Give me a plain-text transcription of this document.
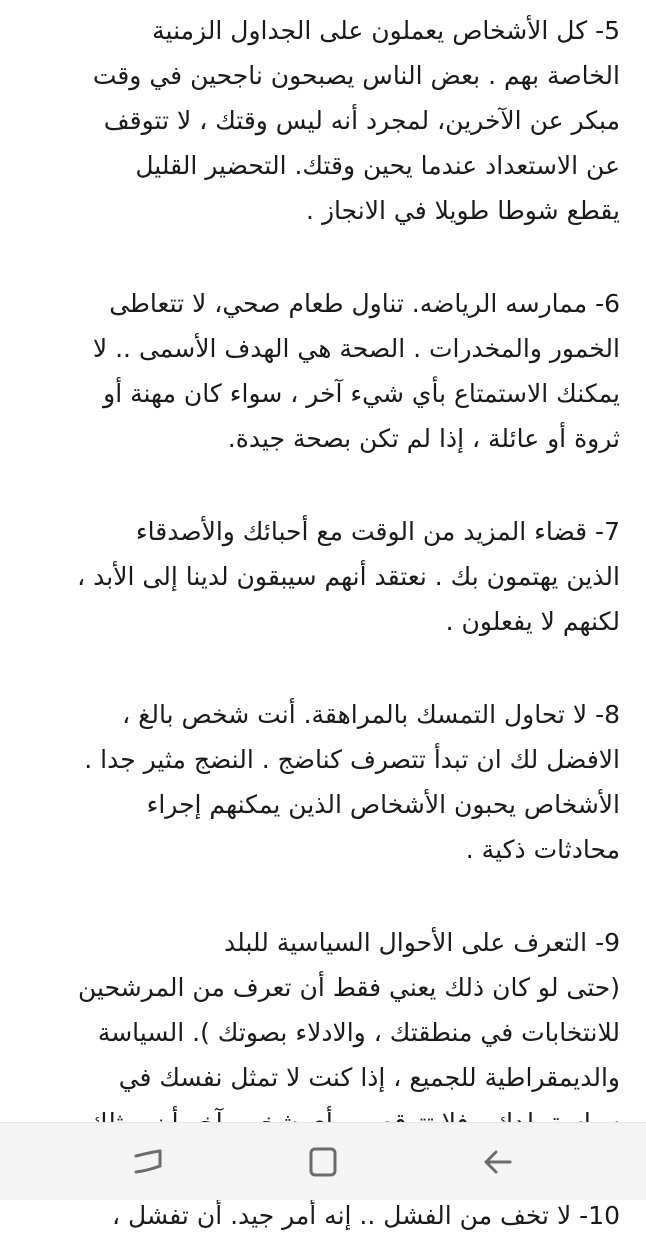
5- كل الأشخاص يعملون على الجداول الزمنية
الخاصة بهم . بعض الناس يصبحون ناجحين في وقت
مبكر عن الآخرين، لمجرد أنه ليس وقتك ، لا تتوقف
عن الاستعداد عندما يحين وقتك. التحضير القليل
يقطع شوطا طويلا في الانجاز .

6- ممارسه الرياضه. تناول طعام صحي، لا تتعاطى
الخمور والمخدرات . الصحة هي الهدف الأسمى .. لا
يمكنك الاستمتاع بأي شيء آخر ، سواء كان مهنة أو
ثروة أو عائلة ، إذا لم تكن بصحة جيدة.

7- قضاء المزيد من الوقت مع أحبائك والأصدقاء
الذين يهتمون بك . نعتقد أنهم سيبقون لدينا إلى الأبد ،
لكنهم لا يفعلون .

8- لا تحاول التمسك بالمراهقة. أنت شخص بالغ ،
الافضل لك ان تبدأ تتصرف كناضج . النضج مثير جدا .
الأشخاص يحبون الأشخاص الذين يمكنهم إجراء
محادثات ذكية .

9- التعرف على الأحوال السياسية للبلد
(حتى لو كان ذلك يعني فقط أن تعرف من المرشحين
للانتخابات في منطقتك ، والادلاء بصوتك ). السياسة
والديمقراطية للجميع ، إذا كنت لا تمثل نفسك في

10- لا تخف من الفشل .. إنه أمر جيد. أن تفشل ،
